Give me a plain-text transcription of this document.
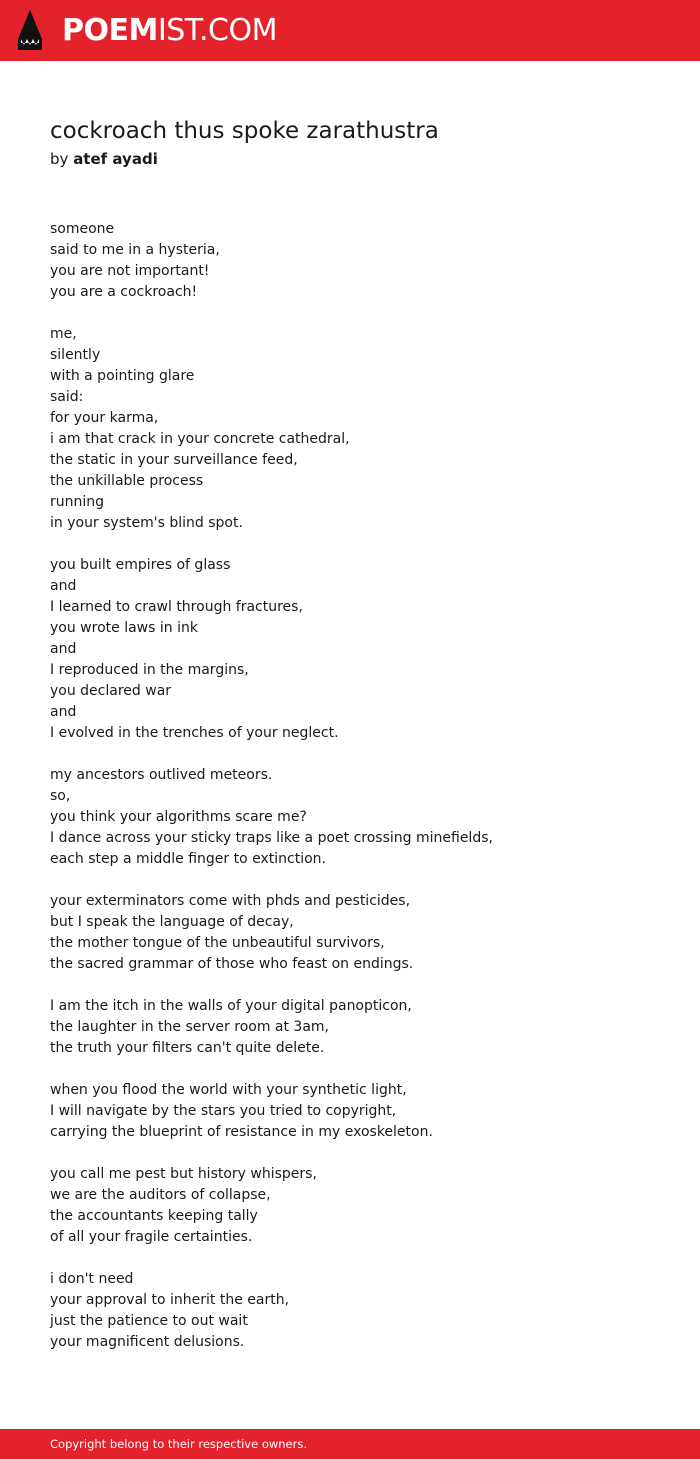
POEMIST.COM
cockroach thus spoke zarathustra
by atef ayadi
someone
said to me in a hysteria,
you are not important!
you are a cockroach!
me,
silently
with a pointing glare
said:
for your karma,
i am that crack in your concrete cathedral,
the static in your surveillance feed,
the unkillable process
running
in your system's blind spot.
you built empires of glass
and
I learned to crawl through fractures,
you wrote laws in ink
and
I reproduced in the margins,
you declared war
and
I evolved in the trenches of your neglect.
my ancestors outlived meteors.
so,
you think your algorithms scare me?
I dance across your sticky traps like a poet crossing minefields,
each step a middle finger to extinction.
your exterminators come with phds and pesticides,
but I speak the language of decay,
the mother tongue of the unbeautiful survivors,
the sacred grammar of those who feast on endings.
I am the itch in the walls of your digital panopticon,
the laughter in the server room at 3am,
the truth your filters can't quite delete.
when you flood the world with your synthetic light,
I will navigate by the stars you tried to copyright,
carrying the blueprint of resistance in my exoskeleton.
you call me pest but history whispers,
we are the auditors of collapse,
the accountants keeping tally
of all your fragile certainties.
i don't need
your approval to inherit the earth,
just the patience to out wait
your magnificent delusions.
Copyright belong to their respective owners.
